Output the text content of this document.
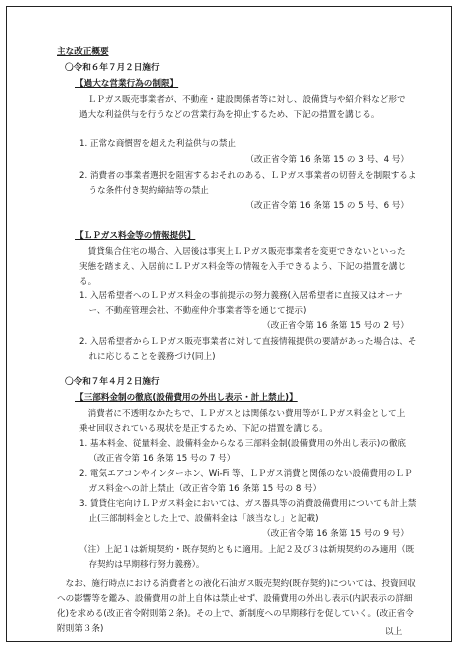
主な改正概要
〇令和６年７月２日施行
【過大な営業行為の制限】
ＬＰガス販売事業者が、不動産・建設関係者等に対し、設備貸与や紹介料など形で過大な利益供与を行うなどの営業行為を抑止するため、下記の措置を講じる。
1. 正常な商慣習を超えた利益供与の禁止
（改正省令第 16 条第 15 の 3 号、4 号）
2. 消費者の事業者選択を阻害するおそれのある、ＬＰガス事業者の切替えを制限するような条件付き契約締結等の禁止
（改正省令第 16 条第 15 の 5 号、6 号）
【ＬＰガス料金等の情報提供】
賃貸集合住宅の場合、入居後は事実上ＬＰガス販売事業者を変更できないといった実態を踏まえ、入居前にＬＰガス料金等の情報を入手できるよう、下記の措置を講じる。
1. 入居希望者へのＬＰガス料金の事前提示の努力義務(入居希望者に直接又はオーナー、不動産管理会社、不動産仲介事業者等を通じて提示)
（改正省令第 16 条第 15 号の 2 号）
2. 入居希望者からＬＰガス販売事業者に対して直接情報提供の要請があった場合は、それに応じることを義務づけ(同上)
〇令和７年４月２日施行
【三部料金制の徹底(設備費用の外出し表示・計上禁止)】
消費者に不透明なかたちで、ＬＰガスとは関係ない費用等がＬＰガス料金として上乗せ回収されている現状を是正するため、下記の措置を講じる。
1. 基本料金、従量料金、設備料金からなる三部料金制(設備費用の外出し表示)の徹底（改正省令第 16 条第 15 号の 7 号）
2. 電気エアコンやインターホン、Wi-Fi 等、ＬＰガス消費と関係のない設備費用のＬＰガス料金への計上禁止（改正省令第 16 条第 15 号の 8 号）
3. 賃貸住宅向けＬＰガス料金においては、ガス器具等の消費設備費用についても計上禁止(三部制料金とした上で、設備料金は「該当なし」と記載)
（改正省令第 16 条第 15 号の 9 号）
（注）上記１は新規契約・既存契約ともに適用。上記２及び３は新規契約のみ適用（既存契約は早期移行努力義務）。
なお、施行時点における消費者との液化石油ガス販売契約(既存契約)については、投資回収への影響等を鑑み、設備費用の計上自体は禁止せず、設備費用の外出し表示(内訳表示の詳細化)を求める(改正省令附則第２条)。その上で、新制度への早期移行を促していく。(改正省令附則第３条)	以上
